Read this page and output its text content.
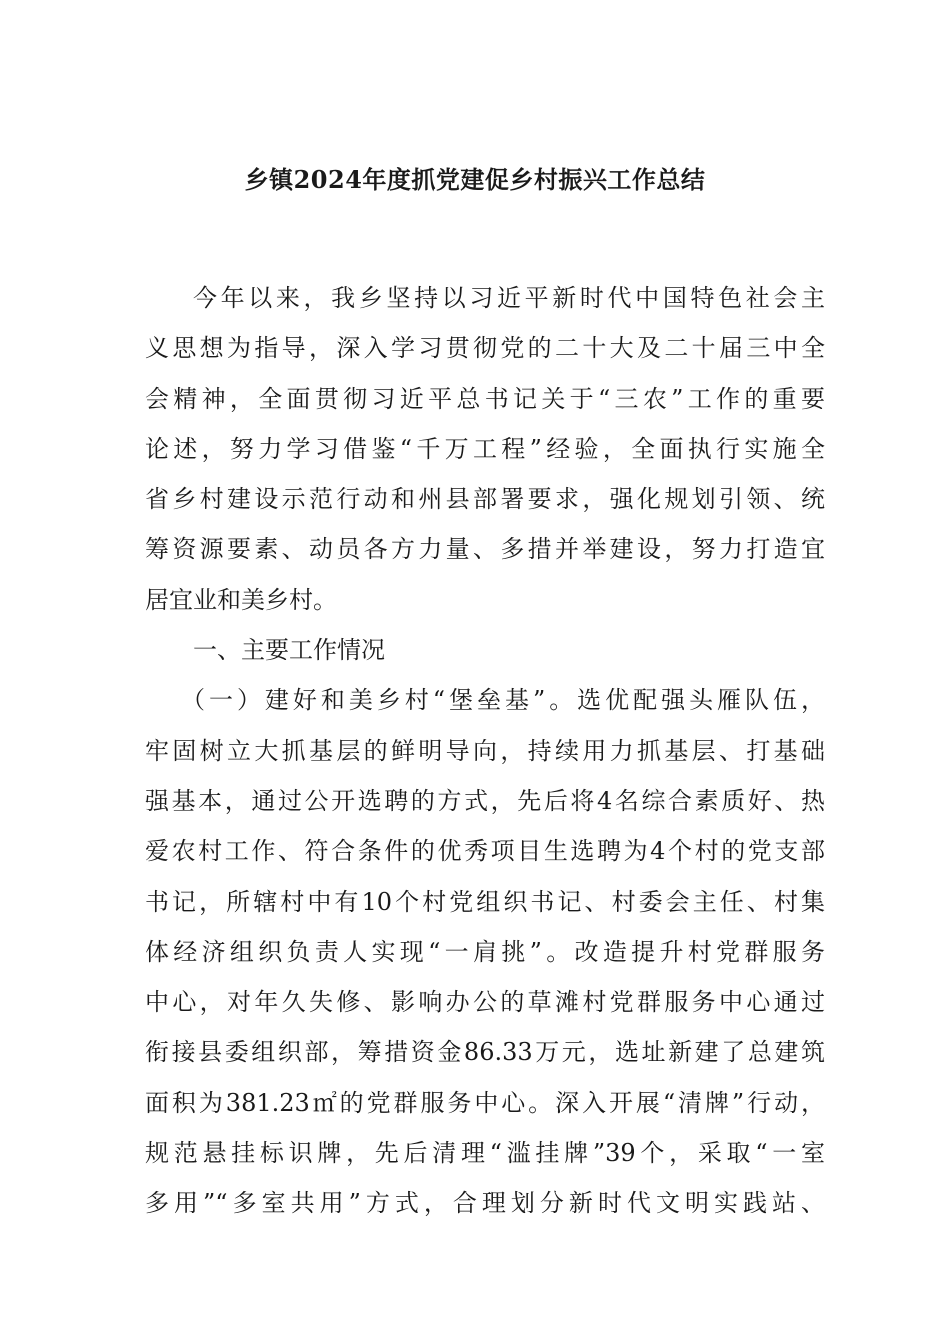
乡镇2024年度抓党建促乡村振兴工作总结
今年以来，我乡坚持以习近平新时代中国特色社会主
义思想为指导，深入学习贯彻党的二十大及二十届三中全
会精神，全面贯彻习近平总书记关于“三农”工作的重要
论述，努力学习借鉴“千万工程”经验，全面执行实施全
省乡村建设示范行动和州县部署要求，强化规划引领、统
筹资源要素、动员各方力量、多措并举建设，努力打造宜
居宜业和美乡村。
一、主要工作情况
（一）建好和美乡村“堡垒基”。选优配强头雁队伍，
牢固树立大抓基层的鲜明导向，持续用力抓基层、打基础
强基本，通过公开选聘的方式，先后将4名综合素质好、热
爱农村工作、符合条件的优秀项目生选聘为4个村的党支部
书记，所辖村中有10个村党组织书记、村委会主任、村集
体经济组织负责人实现“一肩挑”。改造提升村党群服务
中心，对年久失修、影响办公的草滩村党群服务中心通过
衔接县委组织部，筹措资金86.33万元，选址新建了总建筑
面积为381.23㎡的党群服务中心。深入开展“清牌”行动，
规范悬挂标识牌，先后清理“滥挂牌”39个，采取“一室
多用”“多室共用”方式，合理划分新时代文明实践站、
